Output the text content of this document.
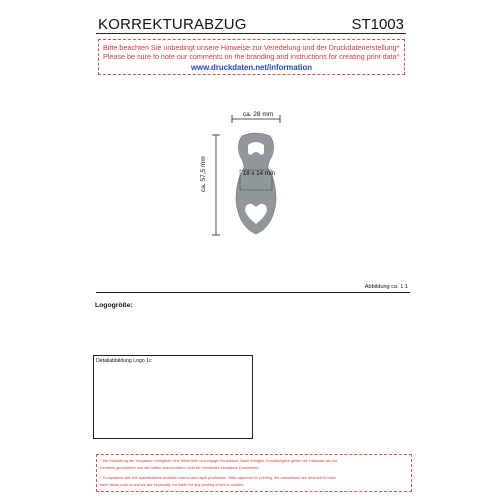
KORREKTURABZUG	ST1003
Bitte beachten Sie unbedingt unsere Hinweise zur Veredelung und der Druckdatenerstellung*
Please be sure to note our comments on the branding and instructions for creating print data*
www.druckdaten.net/information
ca. 28 mm
ca. 57,5 mm	18 x 14 mm
Abbildung ca. 1:1
Logogröße:
Detailabbildung Logo 1c
* Die Einhaltung der Vorgaben ermöglicht eine fehlerfreie und zügige Produktion. Nach erfolgter Druckfreigabe gelten die Hinweise als zur
Kenntnis genommen und wir haften insbesondere nicht für eventuelle inhaltliche Druckfehler.
* Compliance with the specifications enables correct and rapid production. After approval for printing, the instructions are deemed to have
been taken note of and we are especially not liable for any printing errors in content.
